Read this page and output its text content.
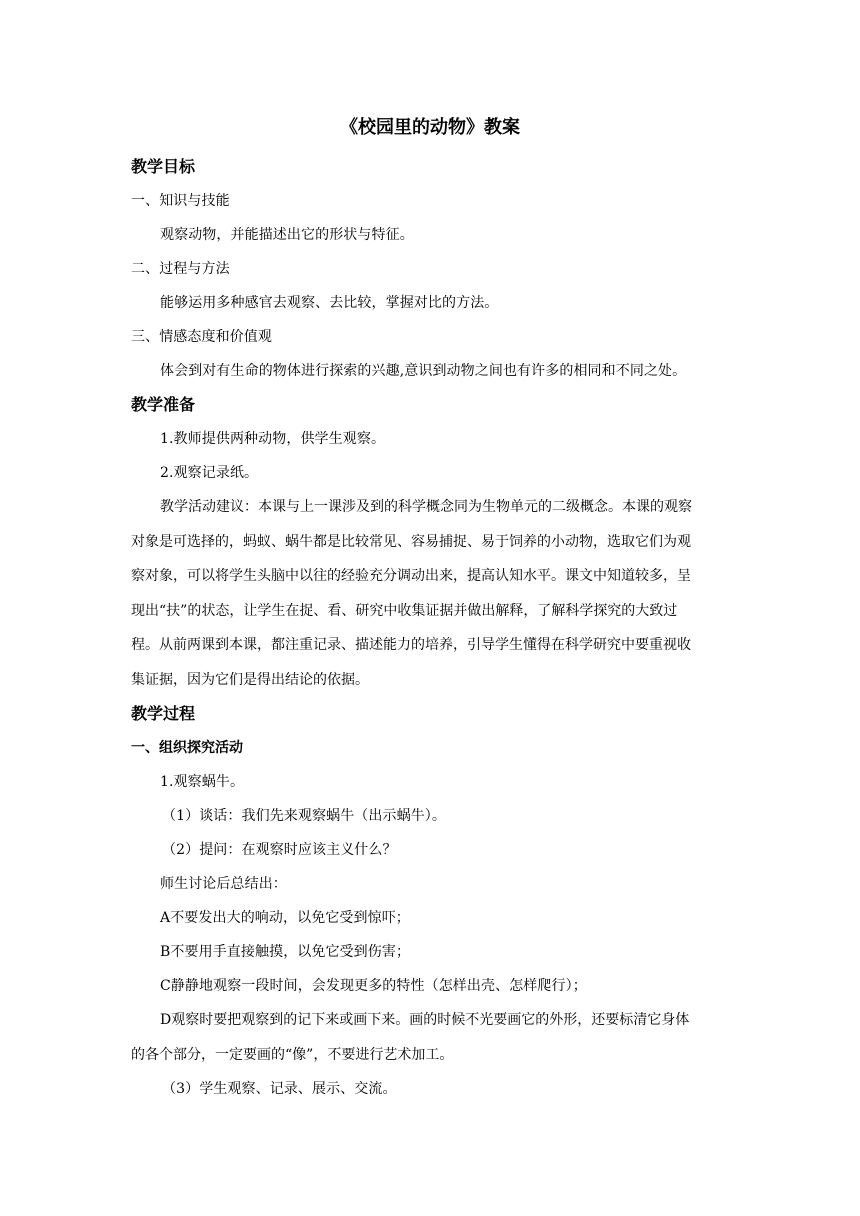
《校园里的动物》教案
教学目标
一、知识与技能
观察动物，并能描述出它的形状与特征。
二、过程与方法
能够运用多种感官去观察、去比较，掌握对比的方法。
三、情感态度和价值观
体会到对有生命的物体进行探索的兴趣,意识到动物之间也有许多的相同和不同之处。
教学准备
1.教师提供两种动物，供学生观察。
2.观察记录纸。
教学活动建议：本课与上一课涉及到的科学概念同为生物单元的二级概念。本课的观察
对象是可选择的，蚂蚁、蜗牛都是比较常见、容易捕捉、易于饲养的小动物，选取它们为观
察对象，可以将学生头脑中以往的经验充分调动出来，提高认知水平。课文中知道较多，呈
现出“扶”的状态，让学生在捉、看、研究中收集证据并做出解释，了解科学探究的大致过
程。从前两课到本课，都注重记录、描述能力的培养，引导学生懂得在科学研究中要重视收
集证据，因为它们是得出结论的依据。
教学过程
一、组织探究活动
1.观察蜗牛。
（1）谈话：我们先来观察蜗牛（出示蜗牛）。
（2）提问：在观察时应该主义什么？
师生讨论后总结出：
A不要发出大的响动，以免它受到惊吓；
B不要用手直接触摸，以免它受到伤害；
C静静地观察一段时间，会发现更多的特性（怎样出壳、怎样爬行）；
D观察时要把观察到的记下来或画下来。画的时候不光要画它的外形，还要标清它身体
的各个部分，一定要画的“像”，不要进行艺术加工。
（3）学生观察、记录、展示、交流。
